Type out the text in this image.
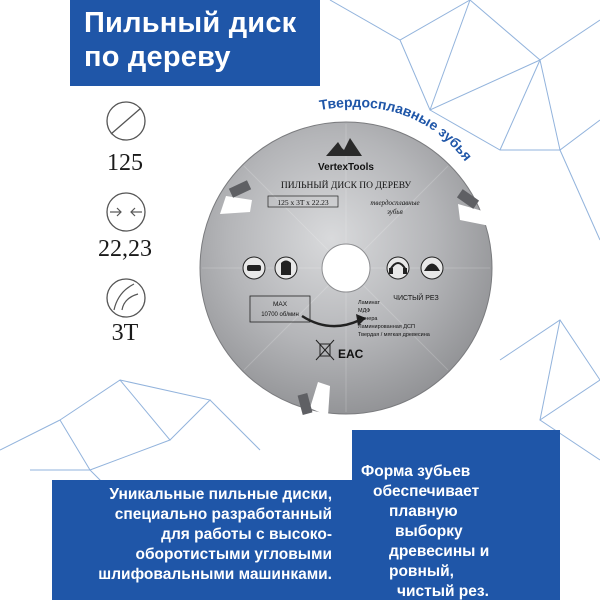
Пильный диск
по дереву
125
22,23
3T
Твердосплавные зубья
VertexTools
ПИЛЬНЫЙ ДИСК ПО ДЕРЕВУ
125 x 3T x 22.23	твердосплавные
зубья
MAX
10700 об/мин
ЧИСТЫЙ РЕЗ
Ламинат
МДФ
Фанера
Ламинированная ДСП
Твердая / мягкая древесина
EAC
Уникальные пильные диски,
специально разработанный
для работы с высоко-
оборотистыми угловыми
шлифовальными машинками.
Форма зубьев
обеспечивает
плавную
выборку
древесины и
ровный,
чистый рез.
